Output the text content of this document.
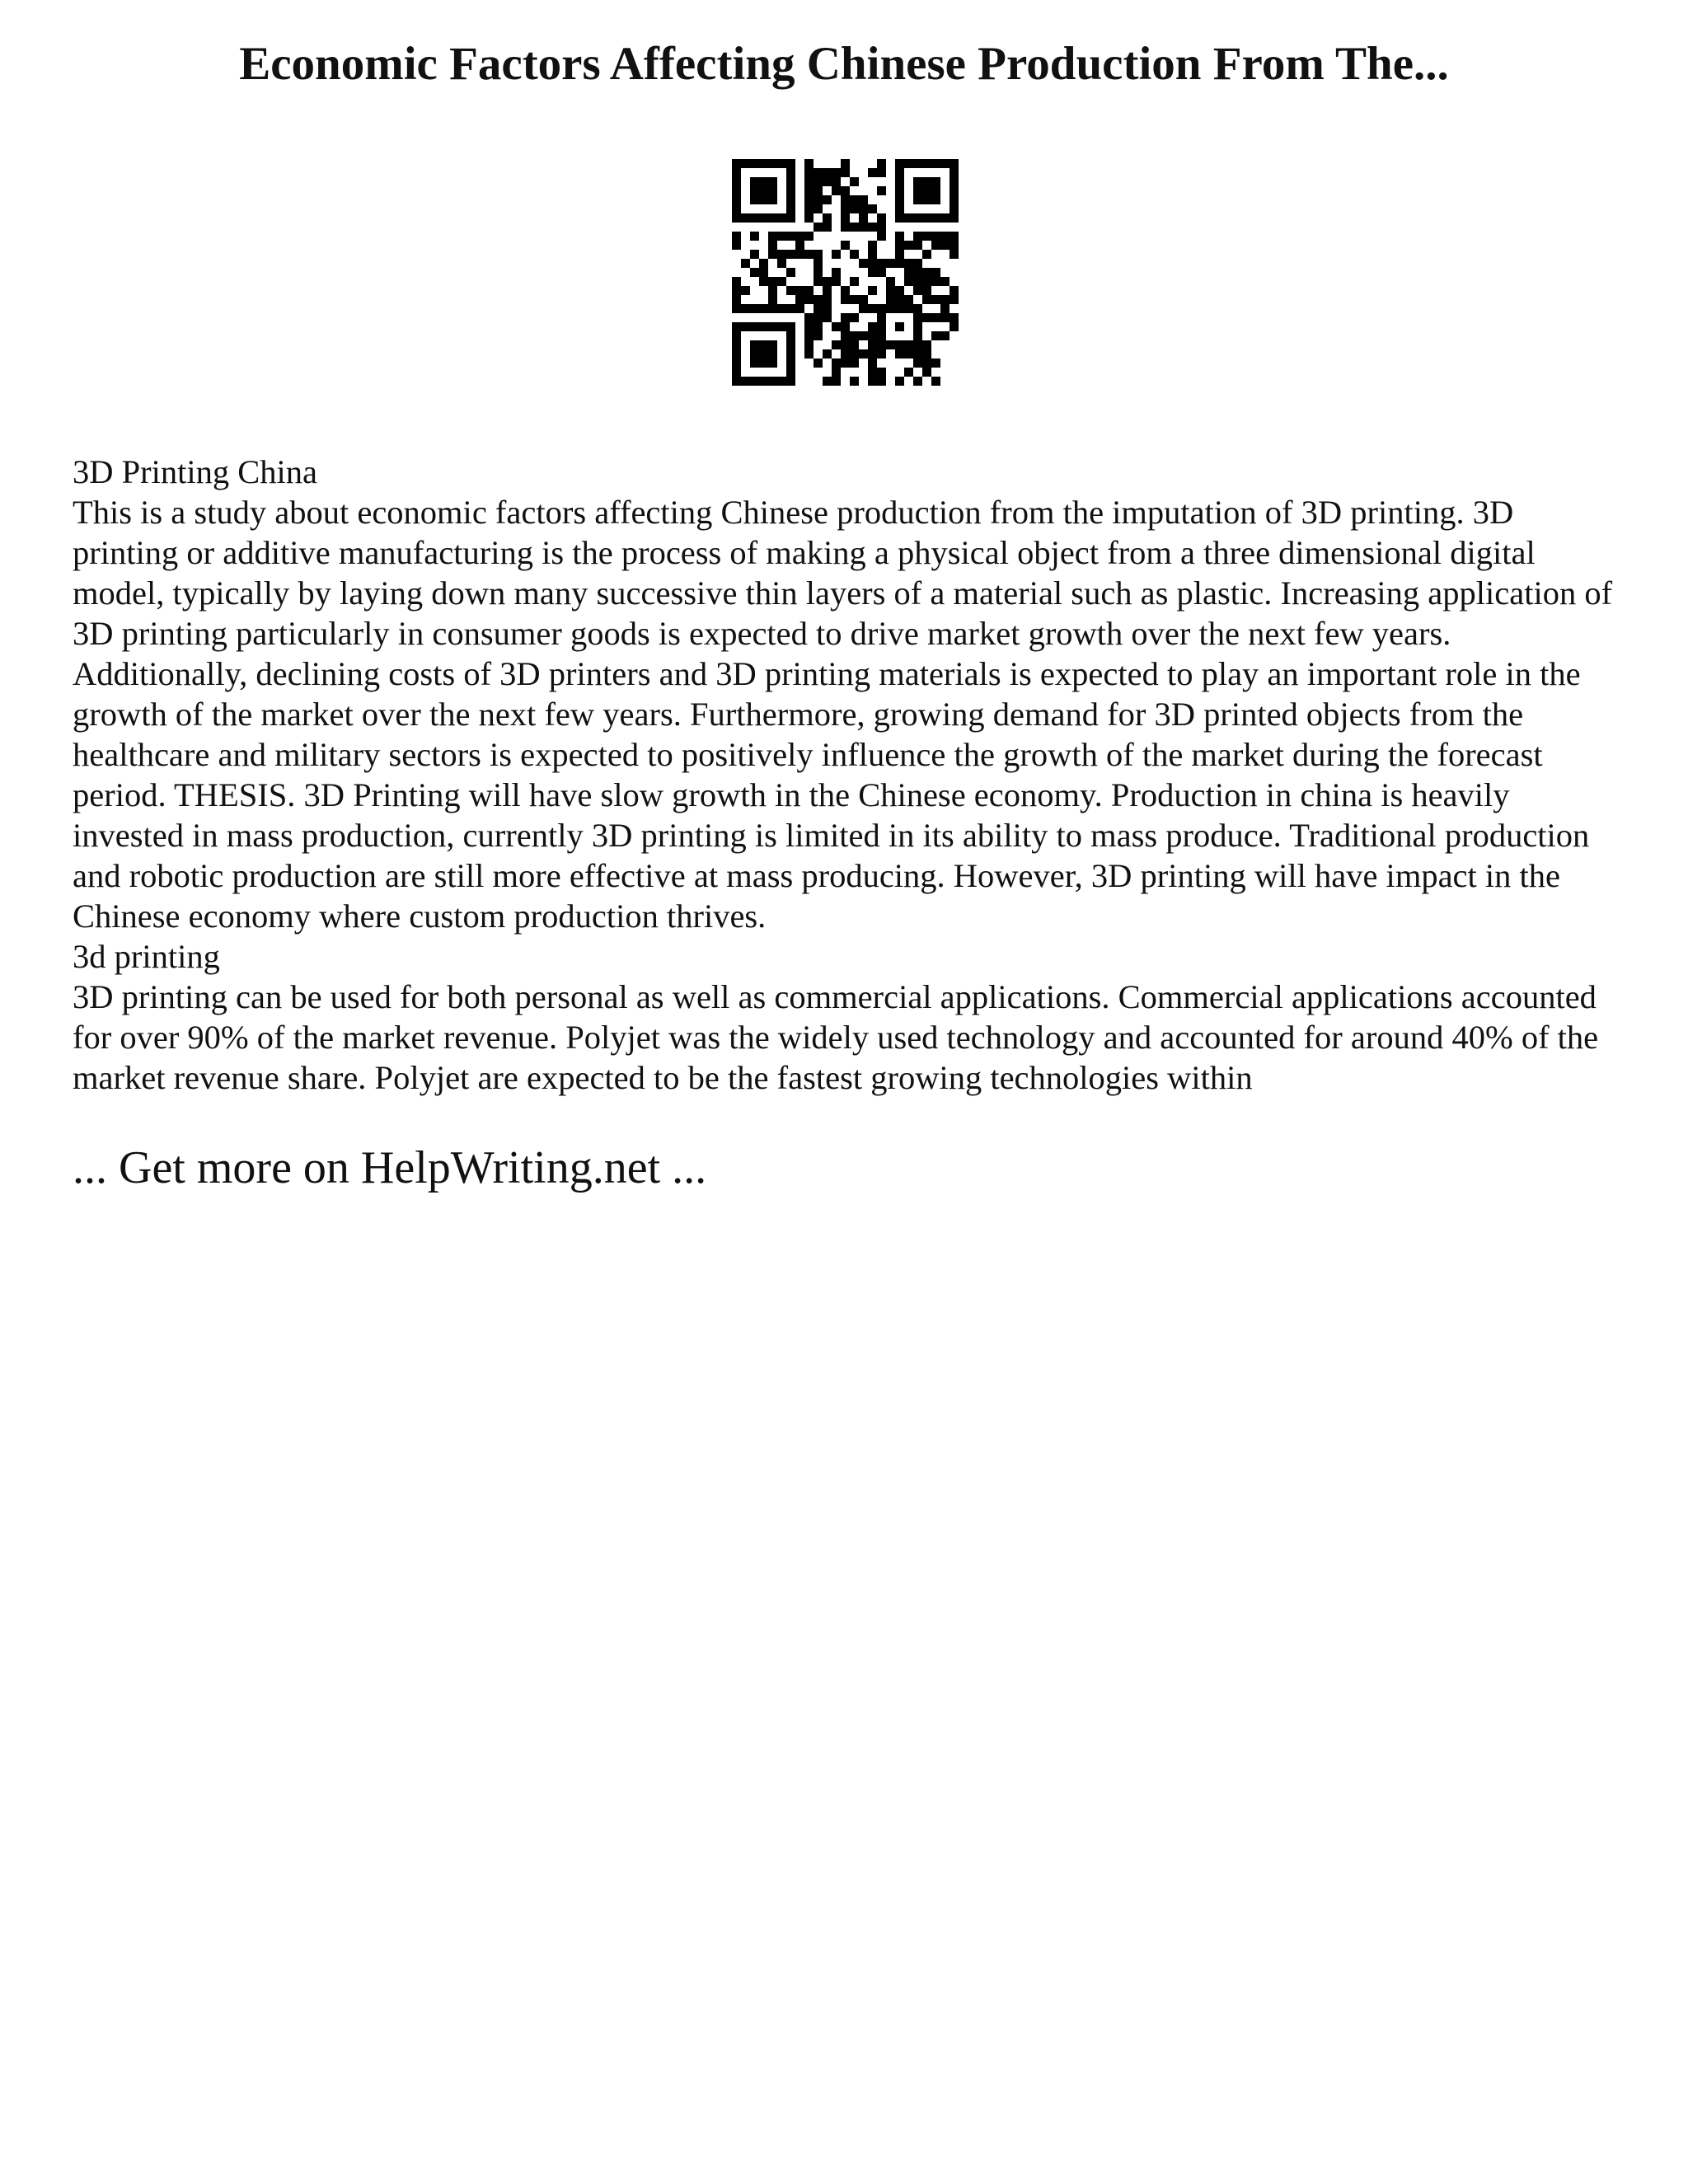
Economic Factors Affecting Chinese Production From The...

3D Printing China

This is a study about economic factors affecting Chinese production from the imputation of 3D printing. 3D printing or additive manufacturing is the process of making a physical object from a three dimensional digital model, typically by laying down many successive thin layers of a material such as plastic. Increasing application of 3D printing particularly in consumer goods is expected to drive market growth over the next few years. Additionally, declining costs of 3D printers and 3D printing materials is expected to play an important role in the growth of the market over the next few years. Furthermore, growing demand for 3D printed objects from the healthcare and military sectors is expected to positively influence the growth of the market during the forecast period. THESIS. 3D Printing will have slow growth in the Chinese economy. Production in china is heavily invested in mass production, currently 3D printing is limited in its ability to mass produce. Traditional production and robotic production are still more effective at mass producing. However, 3D printing will have impact in the Chinese economy where custom production thrives.

3d printing

3D printing can be used for both personal as well as commercial applications. Commercial applications accounted for over 90% of the market revenue. Polyjet was the widely used technology and accounted for around 40% of the market revenue share. Polyjet are expected to be the fastest growing technologies within

... Get more on HelpWriting.net ...
